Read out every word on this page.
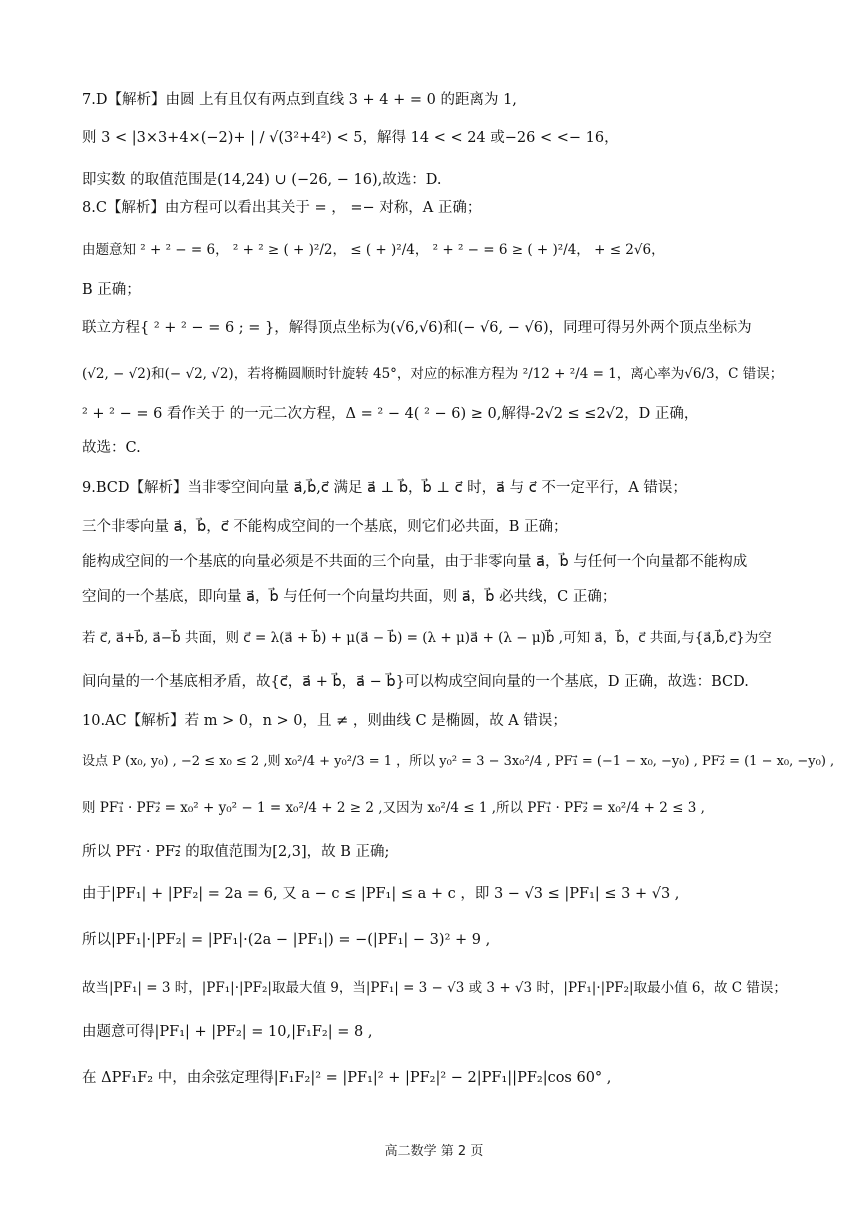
7.D【解析】由圆 上有且仅有两点到直线 3 + 4 + = 0 的距离为 1,
则 3 < |3×3+4×(−2)+ | / √(3²+4²) < 5，解得 14 < < 24 或−26 < <− 16，
即实数 的取值范围是(14,24) ∪ (−26, − 16),故选：D.
8.C【解析】由方程可以看出其关于 = ， =− 对称，A 正确；
由题意知 ² + ² − = 6， ² + ² ≥ ( + )²/2， ≤ ( + )²/4， ² + ² − = 6 ≥ ( + )²/4， + ≤ 2√6，
B 正确；
联立方程{ ² + ² − = 6 ; = }，解得顶点坐标为(√6,√6)和(− √6, − √6)，同理可得另外两个顶点坐标为
(√2, − √2)和(− √2, √2)，若将椭圆顺时针旋转 45°，对应的标准方程为 ²/12 + ²/4 = 1，离心率为√6/3，C 错误；
² + ² − = 6 看作关于 的一元二次方程，Δ = ² − 4( ² − 6) ≥ 0,解得-2√2 ≤ ≤2√2，D 正确，
故选：C.
9.BCD【解析】当非零空间向量 a⃗,b⃗,c⃗ 满足 a⃗ ⊥ b⃗，b⃗ ⊥ c⃗ 时，a⃗ 与 c⃗ 不一定平行，A 错误；
三个非零向量 a⃗，b⃗，c⃗ 不能构成空间的一个基底，则它们必共面，B 正确；
能构成空间的一个基底的向量必须是不共面的三个向量，由于非零向量 a⃗，b⃗ 与任何一个向量都不能构成
空间的一个基底，即向量 a⃗，b⃗ 与任何一个向量均共面，则 a⃗，b⃗ 必共线，C 正确；
若 c⃗, a⃗+b⃗, a⃗−b⃗ 共面，则 c⃗ = λ(a⃗ + b⃗) + μ(a⃗ − b⃗) = (λ + μ)a⃗ + (λ − μ)b⃗ ,可知 a⃗，b⃗，c⃗ 共面,与{a⃗,b⃗,c⃗}为空
间向量的一个基底相矛盾，故{c⃗，a⃗ + b⃗，a⃗ − b⃗}可以构成空间向量的一个基底，D 正确，故选：BCD.
10.AC【解析】若 m > 0，n > 0，且 ≠ ，则曲线 C 是椭圆，故 A 错误；
设点 P (x₀, y₀) , −2 ≤ x₀ ≤ 2 ,则 x₀²/4 + y₀²/3 = 1 ，所以 y₀² = 3 − 3x₀²/4 , PF₁⃗ = (−1 − x₀, −y₀) , PF₂⃗ = (1 − x₀, −y₀) ,
则 PF₁⃗ · PF₂⃗ = x₀² + y₀² − 1 = x₀²/4 + 2 ≥ 2 ,又因为 x₀²/4 ≤ 1 ,所以 PF₁⃗ · PF₂⃗ = x₀²/4 + 2 ≤ 3 ,
所以 PF₁⃗ · PF₂⃗ 的取值范围为[2,3]，故 B 正确;
由于|PF₁| + |PF₂| = 2a = 6, 又 a − c ≤ |PF₁| ≤ a + c ，即 3 − √3 ≤ |PF₁| ≤ 3 + √3 ,
所以|PF₁|·|PF₂| = |PF₁|·(2a − |PF₁|) = −(|PF₁| − 3)² + 9 ,
故当|PF₁| = 3 时，|PF₁|·|PF₂|取最大值 9，当|PF₁| = 3 − √3 或 3 + √3 时，|PF₁|·|PF₂|取最小值 6，故 C 错误；
由题意可得|PF₁| + |PF₂| = 10,|F₁F₂| = 8 ,
在 ΔPF₁F₂ 中，由余弦定理得|F₁F₂|² = |PF₁|² + |PF₂|² − 2|PF₁||PF₂|cos 60° ,
高二数学 第 2 页
